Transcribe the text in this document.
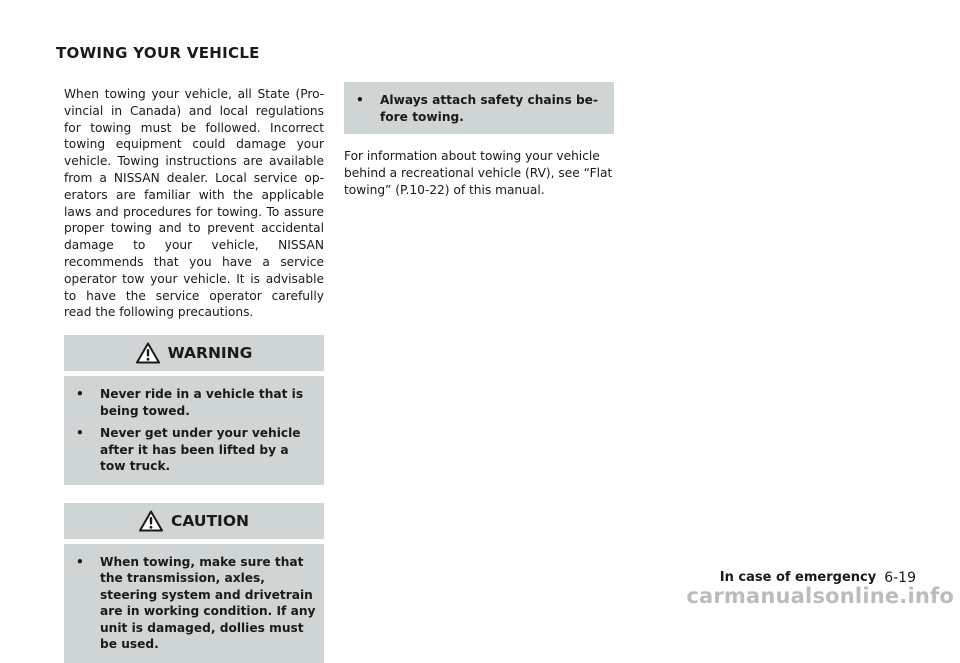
TOWING YOUR VEHICLE

When towing your vehicle, all State (Provincial in Canada) and local regulations for towing must be followed. Incorrect towing equipment could damage your vehicle. Towing instructions are available from a NISSAN dealer. Local service operators are familiar with the applicable laws and procedures for towing. To assure proper towing and to prevent accidental damage to your vehicle, NISSAN recommends that you have a service operator tow your vehicle. It is advisable to have the service operator carefully read the following precautions.

WARNING
•	Never ride in a vehicle that is being towed.
•	Never get under your vehicle after it has been lifted by a tow truck.
CAUTION
•	When towing, make sure that the transmission, axles, steering system and drivetrain are in working condition. If any unit is damaged, dollies must be used.
•	Always attach safety chains before towing.

For information about towing your vehicle behind a recreational vehicle (RV), see “Flat towing” (P.10-22) of this manual.

In case of emergency 6-19
carmanualsonline.info
